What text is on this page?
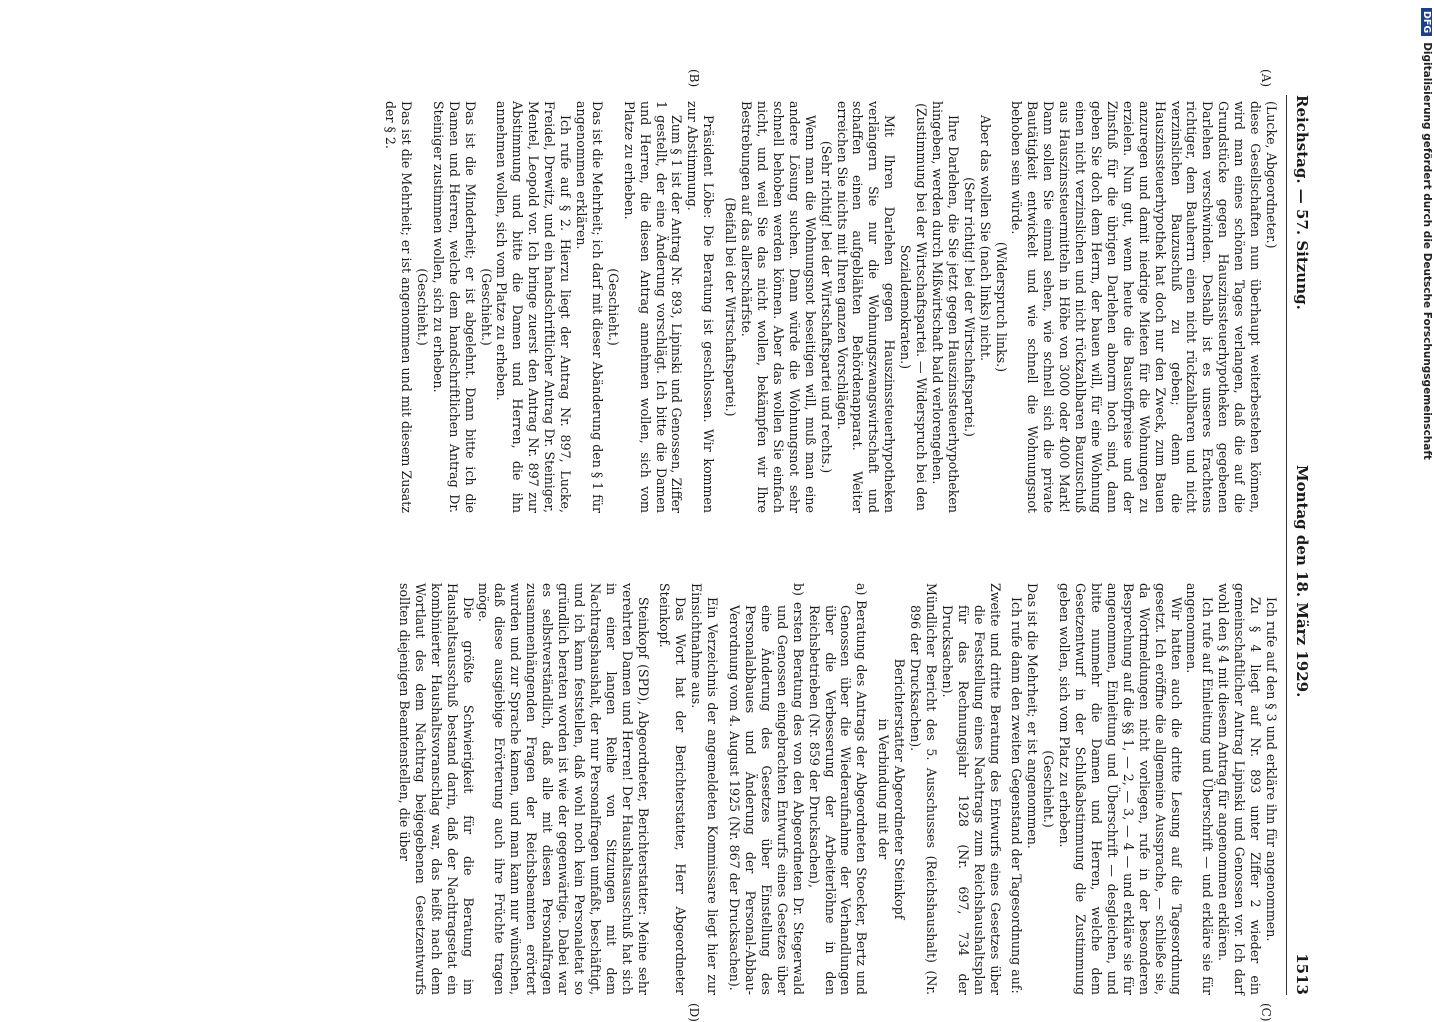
Reichstag. — 57. Sitzung.
Montag den 18. März 1929.
1513
(A)
(B)
(C)
(D)

(Lucke, Abgeordneter.)

diese Gesellschaften nun überhaupt weiterbestehen können, wird man eines schönen Tages verlangen, daß die auf die Grundstücke gegen Hauszinssteuerhypotheken gegebenen Darlehen verschwinden. Deshalb ist es unseres Erachtens richtiger, dem Bauherrn einen nicht rückzahlbaren und nicht verzinslichen Bauzuschuß zu geben; denn die Hauszinssteuerhypothek hat doch nur den Zweck, zum Bauen anzuregen und damit niedrige Mieten für die Wohnungen zu erzielen. Nun gut, wenn heute die Baustoffpreise und der Zinsfuß für die übrigen Darlehen abnorm hoch sind, dann geben Sie doch dem Herrn, der bauen will, für eine Wohnung einen nicht verzinslichen und nicht rückzahlbaren Bauzuschuß aus Hauszinssteuermitteln in Höhe von 3000 oder 4000 Mark! Dann sollen Sie einmal sehen, wie schnell sich die private Bautätigkeit entwickelt und wie schnell die Wohnungsnot behoben sein würde.

(Widerspruch links.)

Aber das wollen Sie (nach links) nicht.

(Sehr richtig! bei der Wirtschaftspartei.)

Ihre Darlehen, die Sie jetzt gegen Hauszinssteuerhypotheken hingeben, werden durch Mißwirtschaft bald verlorengehen.

(Zustimmung bei der Wirtschaftspartei. — Widerspruch bei den Sozialdemokraten.)

Mit Ihren Darlehen gegen Hauszinssteuerhypotheken verlängern Sie nur die Wohnungszwangswirtschaft und schaffen einen aufgeblähten Behördenapparat. Weiter erreichen Sie nichts mit Ihren ganzen Vorschlägen.

(Sehr richtig! bei der Wirtschaftspartei und rechts.)

Wenn man die Wohnungsnot beseitigen will, muß man eine andere Lösung suchen. Dann würde die Wohnungsnot sehr schnell behoben werden können. Aber das wollen Sie einfach nicht, und weil Sie das nicht wollen, bekämpfen wir Ihre Bestrebungen auf das allerschärfste.

(Beifall bei der Wirtschaftspartei.)

Präsident Löbe: Die Beratung ist geschlossen. Wir kommen zur Abstimmung.

Zum § 1 ist der Antrag Nr. 893, Lipinski und Genossen, Ziffer 1 gestellt, der eine Änderung vorschlägt. Ich bitte die Damen und Herren, die diesen Antrag annehmen wollen, sich vom Platze zu erheben.

(Geschieht.)

Das ist die Mehrheit; ich darf mit dieser Abänderung den § 1 für angenommen erklären.

Ich rufe auf § 2. Hierzu liegt der Antrag Nr. 897, Lucke, Freidel, Drewitz, und ein handschriftlicher Antrag Dr. Steiniger, Mentel, Leopold vor. Ich bringe zuerst den Antrag Nr. 897 zur Abstimmung und bitte die Damen und Herren, die ihn annehmen wollen, sich vom Platze zu erheben.

(Geschieht.)

Das ist die Minderheit; er ist abgelehnt. Dann bitte ich die Damen und Herren, welche dem handschriftlichen Antrag Dr. Steiniger zustimmen wollen, sich zu erheben.

(Geschieht.)

Das ist die Mehrheit; er ist angenommen und mit diesem Zusatz der § 2.

Ich rufe auf den § 3 und erkläre ihn für angenommen.

Zu § 4 liegt auf Nr. 893 unter Ziffer 2 wieder ein gemeinschaftlicher Antrag Lipinski und Genossen vor. Ich darf wohl den § 4 mit diesem Antrag für angenommen erklären.

Ich rufe auf Einleitung und Überschrift — und erkläre sie für angenommen.

Wir hatten auch die dritte Lesung auf die Tagesordnung gesetzt. Ich eröffne die allgemeine Aussprache, — schließe sie, da Wortmeldungen nicht vorliegen, rufe in der besonderen Besprechung auf die §§ 1, — 2, — 3, — 4 — und erkläre sie für angenommen, Einleitung und Überschrift — desgleichen, und bitte nunmehr die Damen und Herren, welche dem Gesetzentwurf in der Schlußabstimmung die Zustimmung geben wollen, sich vom Platz zu erheben.

(Geschieht.)

Das ist die Mehrheit; er ist angenommen.

Ich rufe dann den zweiten Gegenstand der Tagesordnung auf:

Zweite und dritte Beratung des Entwurfs eines Gesetzes über die Feststellung eines Nachtrags zum Reichshaushaltsplan für das Rechnungsjahr 1928 (Nr. 697, 734 der Drucksachen).

Mündlicher Bericht des 5. Ausschusses (Reichshaushalt) (Nr. 896 der Drucksachen).

Berichterstatter Abgeordneter Steinkopf

in Verbindung mit der

a) Beratung des Antrags der Abgeordneten Stoecker, Bertz und Genossen über die Wiederaufnahme der Verhandlungen über die Verbesserung der Arbeiterlöhne in den Reichsbetrieben (Nr. 859 der Drucksachen),

b) ersten Beratung des von den Abgeordneten Dr. Stegerwald und Genossen eingebrachten Entwurfs eines Gesetzes über eine Änderung des Gesetzes über Einstellung des Personalabbaues und Änderung der Personal-Abbau-Verordnung vom 4. August 1925 (Nr. 867 der Drucksachen).

Ein Verzeichnis der angemeldeten Kommissare liegt hier zur Einsichtnahme aus.

Das Wort hat der Berichterstatter, Herr Abgeordneter Steinkopf.

Steinkopf (SPD), Abgeordneter, Berichterstatter: Meine sehr verehrten Damen und Herren! Der Haushaltsausschuß hat sich in einer langen Reihe von Sitzungen mit dem Nachtragshaushalt, der nur Personalfragen umfaßt, beschäftigt, und ich kann feststellen, daß wohl noch kein Personaletat so gründlich beraten worden ist wie der gegenwärtige. Dabei war es selbstverständlich, daß alle mit diesen Personalfragen zusammenhängenden Fragen der Reichsbeamten erörtert wurden und zur Sprache kamen, und man kann nur wünschen, daß diese ausgiebige Erörterung auch ihre Früchte tragen möge.

Die größte Schwierigkeit für die Beratung im Haushaltsausschuß bestand darin, daß der Nachtragsetat ein kombinierter Haushaltsvoranschlag war, das heißt nach dem Wortlaut des dem Nachtrag beigegebenen Gesetzentwurfs sollten diejenigen Beamtenstellen, die über

DFGDigitalisierung gefördert durch die Deutsche Forschungsgemeinschaft
